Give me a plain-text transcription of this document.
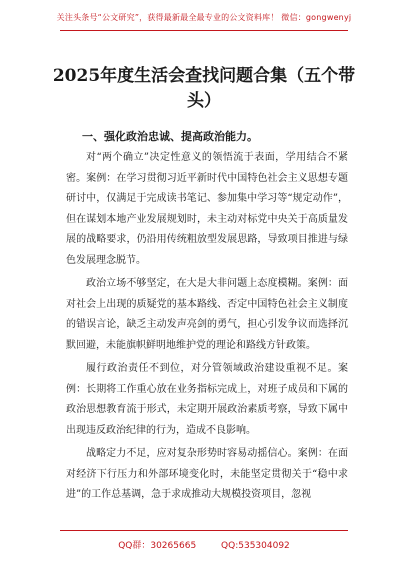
关注头条号“公文研究”，获得最新最全最专业的公文资料库！ 微信：gongwenyj
2025年度生活会查找问题合集（五个带头）
一、强化政治忠诚、提高政治能力。

对“两个确立”决定性意义的领悟流于表面，学用结合不紧密。案例：在学习贯彻习近平新时代中国特色社会主义思想专题研讨中，仅满足于完成读书笔记、参加集中学习等“规定动作”，但在谋划本地产业发展规划时，未主动对标党中央关于高质量发展的战略要求，仍沿用传统粗放型发展思路，导致项目推进与绿色发展理念脱节。

政治立场不够坚定，在大是大非问题上态度模糊。案例：面对社会上出现的质疑党的基本路线、否定中国特色社会主义制度的错误言论，缺乏主动发声亮剑的勇气，担心引发争议而选择沉默回避，未能旗帜鲜明地维护党的理论和路线方针政策。

履行政治责任不到位，对分管领域政治建设重视不足。案例：长期将工作重心放在业务指标完成上，对班子成员和下属的政治思想教育流于形式，未定期开展政治素质考察，导致下属中出现违反政治纪律的行为，造成不良影响。

战略定力不足，应对复杂形势时容易动摇信心。案例：在面对经济下行压力和外部环境变化时，未能坚定贯彻关于“稳中求进”的工作总基调，急于求成推动大规模投资项目，忽视

QQ群：30265665	QQ:535304092
